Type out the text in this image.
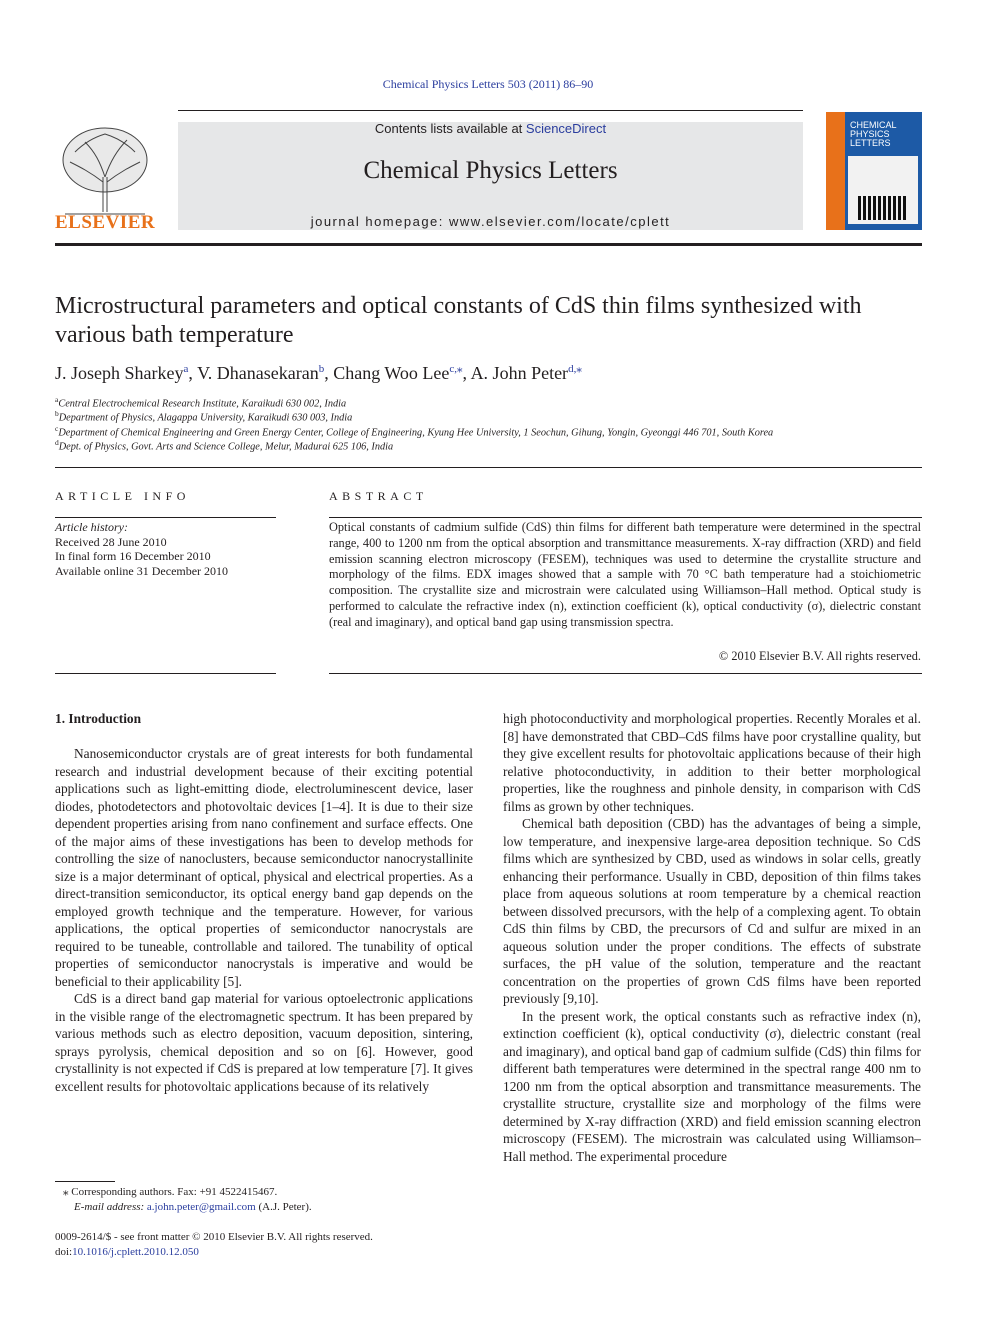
Chemical Physics Letters 503 (2011) 86–90
ELSEVIER
Contents lists available at ScienceDirect
Chemical Physics Letters
journal homepage: www.elsevier.com/locate/cplett
CHEMICAL
PHYSICS
LETTERS
Microstructural parameters and optical constants of CdS thin films synthesized with various bath temperature
J. Joseph Sharkey$^a$, V. Dhanasekaran$^b$, Chang Woo Lee$^{c,⁎}$, A. John Peter$^{d,⁎}$
$^a$Central Electrochemical Research Institute, Karaikudi 630 002, India
$^b$Department of Physics, Alagappa University, Karaikudi 630 003, India
$^c$Department of Chemical Engineering and Green Energy Center, College of Engineering, Kyung Hee University, 1 Seochun, Gihung, Yongin, Gyeonggi 446 701, South Korea
$^d$Dept. of Physics, Govt. Arts and Science College, Melur, Madurai 625 106, India
ARTICLE INFO	ABSTRACT
Article history:
Received 28 June 2010
In final form 16 December 2010
Available online 31 December 2010
Optical constants of cadmium sulfide (CdS) thin films for different bath temperature were determined in the spectral range, 400 to 1200 nm from the optical absorption and transmittance measurements. X-ray diffraction (XRD) and field emission scanning electron microscopy (FESEM), techniques was used to determine the crystallite structure and morphology of the films. EDX images showed that a sample with 70 °C bath temperature had a stoichiometric composition. The crystallite size and microstrain were calculated using Williamson–Hall method. Optical study is performed to calculate the refractive index (n), extinction coefficient (k), optical conductivity (σ), dielectric constant (real and imaginary), and optical band gap using transmission spectra.
© 2010 Elsevier B.V. All rights reserved.
1. Introduction

Nanosemiconductor crystals are of great interests for both fundamental research and industrial development because of their exciting potential applications such as light-emitting diode, electroluminescent device, laser diodes, photodetectors and photovoltaic devices [1–4]. It is due to their size dependent properties arising from nano confinement and surface effects. One of the major aims of these investigations has been to develop methods for controlling the size of nanoclusters, because semiconductor nanocrystallinite size is a major determinant of optical, physical and electrical properties. As a direct-transition semiconductor, its optical energy band gap depends on the employed growth technique and the temperature. However, for various applications, the optical properties of semiconductor nanocrystals are required to be tuneable, controllable and tailored. The tunability of optical properties of semiconductor nanocrystals is imperative and would be beneficial to their applicability [5].

CdS is a direct band gap material for various optoelectronic applications in the visible range of the electromagnetic spectrum. It has been prepared by various methods such as electro deposition, vacuum deposition, sintering, sprays pyrolysis, chemical deposition and so on [6]. However, good crystallinity is not expected if CdS is prepared at low temperature [7]. It gives excellent results for photovoltaic applications because of its relatively

high photoconductivity and morphological properties. Recently Morales et al. [8] have demonstrated that CBD–CdS films have poor crystalline quality, but they give excellent results for photovoltaic applications because of their high relative photoconductivity, in addition to their better morphological properties, like the roughness and pinhole density, in comparison with CdS films as grown by other techniques.

Chemical bath deposition (CBD) has the advantages of being a simple, low temperature, and inexpensive large-area deposition technique. So CdS films which are synthesized by CBD, used as windows in solar cells, greatly enhancing their performance. Usually in CBD, deposition of thin films takes place from aqueous solutions at room temperature by a chemical reaction between dissolved precursors, with the help of a complexing agent. To obtain CdS thin films by CBD, the precursors of Cd and sulfur are mixed in an aqueous solution under the proper conditions. The effects of substrate surfaces, the pH value of the solution, temperature and the reactant concentration on the properties of grown CdS films have been reported previously [9,10].

In the present work, the optical constants such as refractive index (n), extinction coefficient (k), optical conductivity (σ), dielectric constant (real and imaginary), and optical band gap of cadmium sulfide (CdS) thin films for different bath temperatures were determined in the spectral range 400 nm to 1200 nm from the optical absorption and transmittance measurements. The crystallite structure, crystallite size and morphology of the films were determined by X-ray diffraction (XRD) and field emission scanning electron microscopy (FESEM). The microstrain was calculated using Williamson–Hall method. The experimental procedure

⁎ Corresponding authors. Fax: +91 4522415467.
E-mail address: a.john.peter@gmail.com (A.J. Peter).
0009-2614/$ - see front matter © 2010 Elsevier B.V. All rights reserved.
doi:10.1016/j.cplett.2010.12.050
